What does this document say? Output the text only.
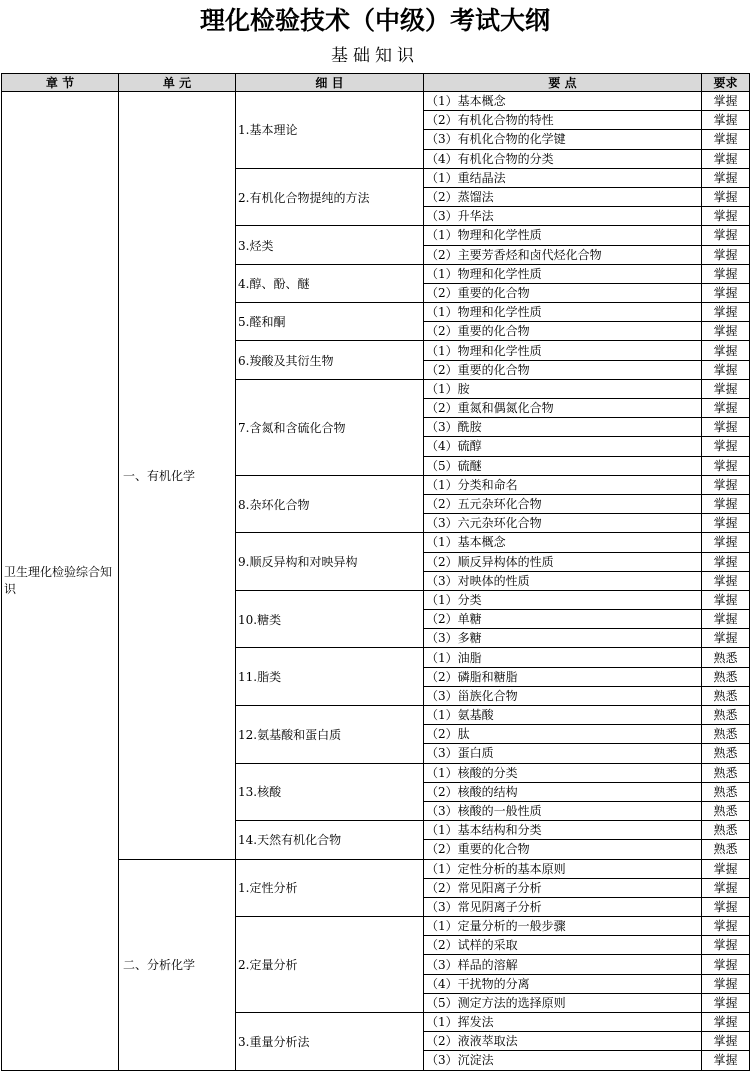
理化检验技术（中级）考试大纲
基础知识
章 节	单 元	细 目	要 点	要求
卫生理化检验综合知识	一、有机化学	1.基本理论	（1）基本概念	掌握
			（2）有机化合物的特性	掌握
			（3）有机化合物的化学键	掌握
			（4）有机化合物的分类	掌握
		2.有机化合物提纯的方法	（1）重结晶法	掌握
			（2）蒸馏法	掌握
			（3）升华法	掌握
		3.烃类	（1）物理和化学性质	掌握
			（2）主要芳香烃和卤代烃化合物	掌握
		4.醇、酚、醚	（1）物理和化学性质	掌握
			（2）重要的化合物	掌握
		5.醛和酮	（1）物理和化学性质	掌握
			（2）重要的化合物	掌握
		6.羧酸及其衍生物	（1）物理和化学性质	掌握
			（2）重要的化合物	掌握
		7.含氮和含硫化合物	（1）胺	掌握
			（2）重氮和偶氮化合物	掌握
			（3）酰胺	掌握
			（4）硫醇	掌握
			（5）硫醚	掌握
		8.杂环化合物	（1）分类和命名	掌握
			（2）五元杂环化合物	掌握
			（3）六元杂环化合物	掌握
		9.顺反异构和对映异构	（1）基本概念	掌握
			（2）顺反异构体的性质	掌握
			（3）对映体的性质	掌握
		10.糖类	（1）分类	掌握
			（2）单糖	掌握
			（3）多糖	掌握
		11.脂类	（1）油脂	熟悉
			（2）磷脂和糖脂	熟悉
			（3）甾族化合物	熟悉
		12.氨基酸和蛋白质	（1）氨基酸	熟悉
			（2）肽	熟悉
			（3）蛋白质	熟悉
		13.核酸	（1）核酸的分类	熟悉
			（2）核酸的结构	熟悉
			（3）核酸的一般性质	熟悉
		14.天然有机化合物	（1）基本结构和分类	熟悉
			（2）重要的化合物	熟悉
	二、分析化学	1.定性分析	（1）定性分析的基本原则	掌握
			（2）常见阳离子分析	掌握
			（3）常见阴离子分析	掌握
		2.定量分析	（1）定量分析的一般步骤	掌握
			（2）试样的采取	掌握
			（3）样品的溶解	掌握
			（4）干扰物的分离	掌握
			（5）测定方法的选择原则	掌握
		3.重量分析法	（1）挥发法	掌握
			（2）液液萃取法	掌握
			（3）沉淀法	掌握
